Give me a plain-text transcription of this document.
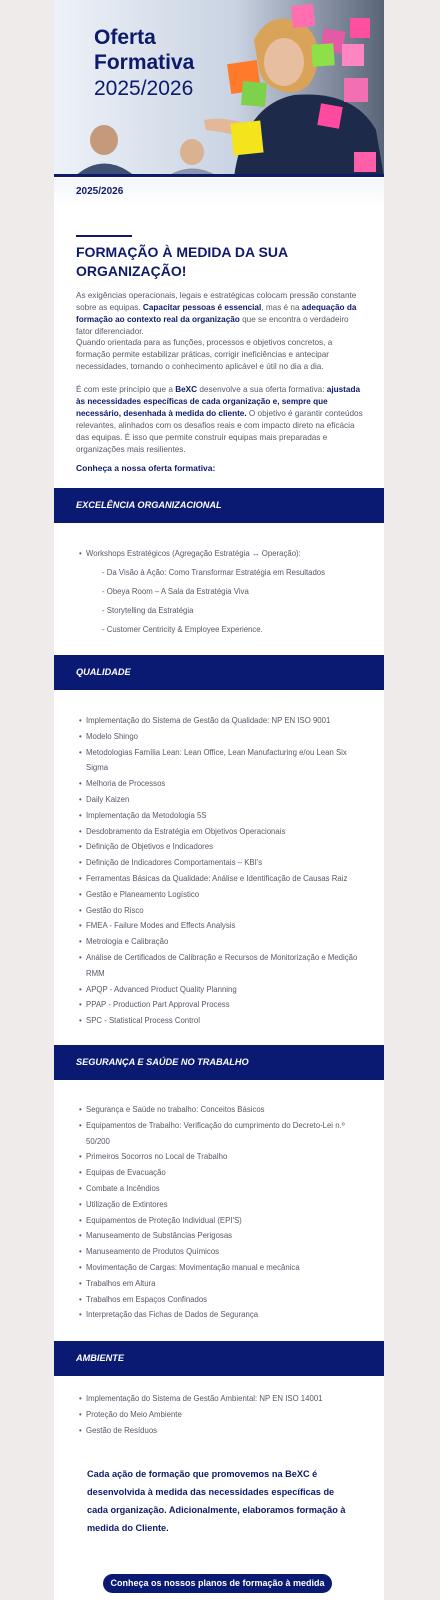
Oferta
Formativa
2025/2026
2025/2026
FORMAÇÃO À MEDIDA DA SUA ORGANIZAÇÃO!
As exigências operacionais, legais e estratégicas colocam pressão constante sobre as equipas. Capacitar pessoas é essencial, mas é na adequação da formação ao contexto real da organização que se encontra o verdadeiro fator diferenciador.
Quando orientada para as funções, processos e objetivos concretos, a formação permite estabilizar práticas, corrigir ineficiências e antecipar necessidades, tornando o conhecimento aplicável e útil no dia a dia.
É com este princípio que a BeXC desenvolve a sua oferta formativa: ajustada às necessidades específicas de cada organização e, sempre que necessário, desenhada à medida do cliente. O objetivo é garantir conteúdos relevantes, alinhados com os desafios reais e com impacto direto na eficácia das equipas. É isso que permite construir equipas mais preparadas e organizações mais resilientes.
Conheça a nossa oferta formativa:
EXCELÊNCIA ORGANIZACIONAL
• Workshops Estratégicos (Agregação Estratégia ↔ Operação):
- Da Visão à Ação: Como Transformar Estratégia em Resultados
- Obeya Room – A Sala da Estratégia Viva
- Storytelling da Estratégia
- Customer Centricity & Employee Experience.
QUALIDADE
• Implementação do Sistema de Gestão da Qualidade: NP EN ISO 9001
• Modelo Shingo
• Metodologias Família Lean: Lean Office, Lean Manufacturing e/ou Lean Six Sigma
• Melhoria de Processos
• Daily Kaizen
• Implementação da Metodologia 5S
• Desdobramento da Estratégia em Objetivos Operacionais
• Definição de Objetivos e Indicadores
• Definição de Indicadores Comportamentais – KBI's
• Ferramentas Básicas da Qualidade: Análise e Identificação de Causas Raiz
• Gestão e Planeamento Logístico
• Gestão do Risco
• FMEA - Failure Modes and Effects Analysis
• Metrologia e Calibração
• Análise de Certificados de Calibração e Recursos de Monitorização e Medição RMM
• APQP - Advanced Product Quality Planning
• PPAP - Production Part Approval Process
• SPC - Statistical Process Control
SEGURANÇA E SAÚDE NO TRABALHO
• Segurança e Saúde no trabalho: Conceitos Básicos
• Equipamentos de Trabalho: Verificação do cumprimento do Decreto-Lei n.º 50/200
• Primeiros Socorros no Local de Trabalho
• Equipas de Evacuação
• Combate a Incêndios
• Utilização de Extintores
• Equipamentos de Proteção Individual (EPI'S)
• Manuseamento de Substâncias Perigosas
• Manuseamento de Produtos Químicos
• Movimentação de Cargas: Movimentação manual e mecânica
• Trabalhos em Altura
• Trabalhos em Espaços Confinados
• Interpretação das Fichas de Dados de Segurança
AMBIENTE
• Implementação do Sistema de Gestão Ambiental: NP EN ISO 14001
• Proteção do Meio Ambiente
• Gestão de Resíduos
Cada ação de formação que promovemos na BeXC é desenvolvida à medida das necessidades específicas de cada organização. Adicionalmente, elaboramos formação à medida do Cliente.
Conheça os nossos planos de formação à medida
